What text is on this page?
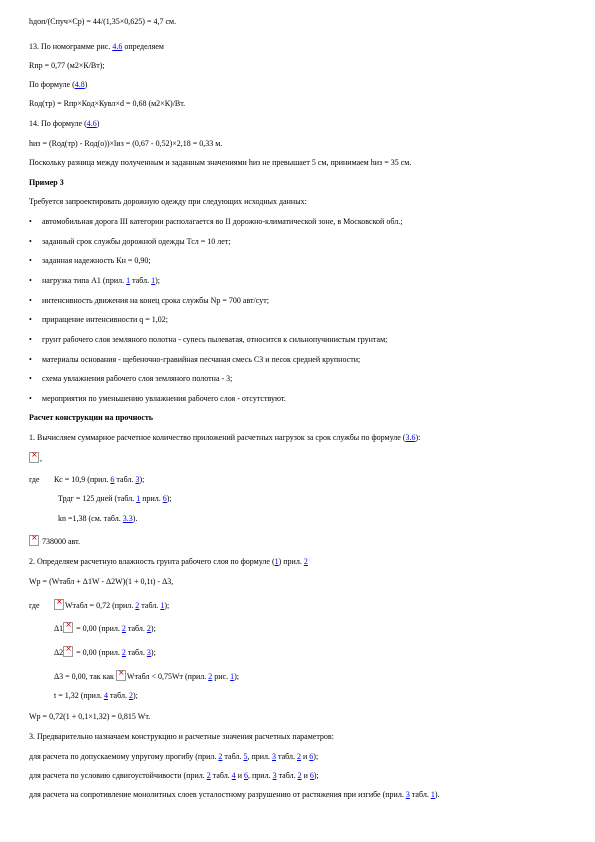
hдоп/(Спуч×Ср) = 44/(1,35×0,625) = 4,7 см.
13. По номограмме рис. 4.6 определяем
Rпр = 0,77 (м2×К/Вт);
По формуле (4.8)
Rод(тр) = Rпр×Код×Кувл×d = 0,68 (м2×К)/Вт.
14. По формуле (4.6)
hиз = (Rод(тр) - Rод(о))×lиз = (0,67 - 0,52)×2,18 = 0,33 м.
Поскольку разница между полученным и заданным значениями hиз не превышает 5 см, принимаем hиз = 35 см.
Пример 3
Требуется запроектировать дорожную одежду при следующих исходных данных:
• автомобильная дорога III категории располагается во II дорожно-климатической зоне, в Московской обл.;
• заданный срок службы дорожной одежды Тсл = 10 лет;
• заданная надежность Кн = 0,90;
• нагрузка типа А1 (прил. 1 табл. 1);
• интенсивность движения на конец срока службы Np = 700 авт/сут;
• приращение интенсивности q = 1,02;
• грунт рабочего слоя земляного полотна - супесь пылеватая, относится к сильнопучинистым грунтам;
• материалы основания - щебеночно-гравийная песчаная смесь С3 и песок средней крупности;
• схема увлажнения рабочего слоя земляного полотна - 3;
• мероприятия по уменьшению увлажнения рабочего слоя - отсутствуют.
Расчет конструкции на прочность
1. Вычисляем суммарное расчетное количество приложений расчетных нагрузок за срок службы по формуле (3.6):
×,
где Кс = 10,9 (прил. 6 табл. 3);
Трдг = 125 дней (табл. 1 прил. 6);
kn =1,38 (см. табл. 3.3).
× 738000 авт.
2. Определяем расчетную влажность грунта рабочего слоя по формуле (1) прил. 2
Wp = (Wтабл + Δ1W - Δ2W)(1 + 0,1t) - Δ3,
где
×	Wтабл = 0,72 (прил. 2 табл. 1);
Δ1× = 0,00 (прил. 2 табл. 2);
Δ2× = 0,00 (прил. 2 табл. 3);
Δ3 = 0,00, так как ×Wтабл < 0,75Wт (прил. 2 рис. 1);
t = 1,32 (прил. 4 табл. 2);
Wp = 0,72(1 + 0,1×1,32) = 0,815 Wт.
3. Предварительно назначаем конструкцию и расчетные значения расчетных параметров:
для расчета по допускаемому упругому прогибу (прил. 2 табл. 5, прил. 3 табл. 2 и 6);
для расчета по условию сдвигоустойчивости (прил. 2 табл. 4 и 6, прил. 3 табл. 2 и 6);
для расчета на сопротивление монолитных слоев усталостному разрушению от растяжения при изгибе (прил. 3 табл. 1).
